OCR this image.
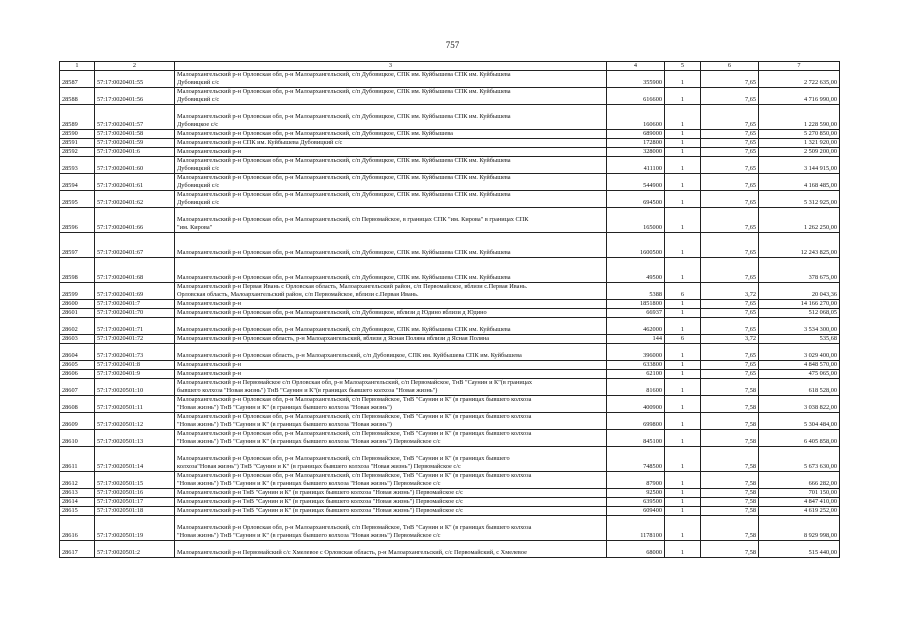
757
1	2	3	4	5	6	7
28587	57:17:0020401:55	Малоархангельский р-н Орловская обл, р-н Малоархангельский, с/п Дубовицкое, СПК им. Куйбышева СПК им. Куйбышева
Дубовицкий с/с	355900	1	7,65	2 722 635,00
28588	57:17:0020401:56	Малоархангельский р-н Орловская обл, р-н Малоархангельский, с/п Дубовицкое, СПК им. Куйбышева СПК им. Куйбышева
Дубовицкий с/с	616600	1	7,65	4 716 990,00
28589	57:17:0020401:57	Малоархангельский р-н Орловская обл, р-н Малоархангельский, с/п Дубовицкое, СПК им. Куйбышева СПК им. Куйбышева
Дубовицкое с/с	160600	1	7,65	1 228 590,00
28590	57:17:0020401:58	Малоархангельский р-н Орловская обл, р-н Малоархангельский, с/п Дубовицкое, СПК им. Куйбышева	689000	1	7,65	5 270 850,00
28591	57:17:0020401:59	Малоархангельский р-н СПК им. Куйбышева Дубовицкий с/с	172800	1	7,65	1 321 920,00
28592	57:17:0020401:6	Малоархангельский р-н	328000	1	7,65	2 509 200,00
28593	57:17:0020401:60	Малоархангельский р-н Орловская обл, р-н Малоархангельский, с/п Дубовицкое, СПК им. Куйбышева СПК им. Куйбышева
Дубовицкий с/с	411100	1	7,65	3 144 915,00
28594	57:17:0020401:61	Малоархангельский р-н Орловская обл, р-н Малоархангельский, с/п Дубовицкое, СПК им. Куйбышева СПК им. Куйбышева
Дубовицкий с/с	544900	1	7,65	4 168 485,00
28595	57:17:0020401:62	Малоархангельский р-н Орловская обл, р-н Малоархангельский, с/п Дубовицкое, СПК им. Куйбышева СПК им. Куйбышева
Дубовицкий с/с	694500	1	7,65	5 312 925,00
28596	57:17:0020401:66	Малоархангельский р-н Орловская обл, р-н Малоархангельский, с/п Первомайское, в границах СПК "им. Кирова" в границах СПК
"им. Кирова"	165000	1	7,65	1 262 250,00
28597	57:17:0020401:67	Малоархангельский р-н Орловская обл, р-н Малоархангельский, с/п Дубовицкое, СПК им. Куйбышева СПК им. Куйбышева	1600500	1	7,65	12 243 825,00
28598	57:17:0020401:68	Малоархангельский р-н Орловская обл, р-н Малоархангельский, с/п Дубовицкое, СПК им. Куйбышева СПК им. Куйбышева	49500	1	7,65	378 675,00
28599	57:17:0020401:69	Малоархангельский р-н Первая Ивань с Орловская область, Малоархангельский район, с/п Первомайское, вблизи с.Первая Ивань.
Орловская область, Малоархангельский район, с/п Первомайское, вблизи с.Первая Ивань.	5388	6	3,72	20 043,36
28600	57:17:0020401:7	Малоархангельский р-н	1851800	1	7,65	14 166 270,00
28601	57:17:0020401:70	Малоархангельский р-н Орловская обл, р-н Малоархангельский, с/п Дубовицкое, вблизи д Юдино вблизи д Юдино	66937	1	7,65	512 068,05
28602	57:17:0020401:71	Малоархангельский р-н Орловская обл, р-н Малоархангельский, с/п Дубовицкое, СПК им. Куйбышева СПК им. Куйбышева	462000	1	7,65	3 534 300,00
28603	57:17:0020401:72	Малоархангельский р-н Орловская область, р-н Малоархангельский, вблизи д Ясная Поляна вблизи д Ясная Поляна	144	6	3,72	535,68
28604	57:17:0020401:73	Малоархангельский р-н Орловская область, р-н Малоархангельский, с/п Дубовицкое, СПК им. Куйбышева СПК им. Куйбышева	396000	1	7,65	3 029 400,00
28605	57:17:0020401:8	Малоархангельский р-н	633800	1	7,65	4 848 570,00
28606	57:17:0020401:9	Малоархангельский р-н	62100	1	7,65	475 065,00
28607	57:17:0020501:10	Малоархангельский р-н Первомайское с/п Орловская обл, р-н Малоархангельский, с/п Первомайское, ТнВ "Саунин и К"(в границах
бывшего колхоза "Новая жизнь") ТнВ "Саунин и К"(в границах бывшего колхоза "Новая жизнь")	81600	1	7,58	618 528,00
28608	57:17:0020501:11	Малоархангельский р-н Орловская обл, р-н Малоархангельский, с/п Первомайское, ТнВ "Саунин и К" (в границах бывшего колхоза
"Новая жизнь") ТнВ "Саунин и К" (в границах бывшего колхоза "Новая жизнь")	400900	1	7,58	3 038 822,00
28609	57:17:0020501:12	Малоархангельский р-н Орловская обл, р-н Малоархангельский, с/п Первомайское, ТнВ "Саунин и К" (в границах бывшего колхоза
"Новая жизнь") ТнВ "Саунин и К" (в границах бывшего колхоза "Новая жизнь")	699800	1	7,58	5 304 484,00
28610	57:17:0020501:13	Малоархангельский р-н Орловская обл, р-н Малоархангельский, с/п Первомайское, ТнВ "Саунин и К" (в границах бывшего колхоза
"Новая жизнь") ТнВ "Саунин и К" (в границах бывшего колхоза "Новая жизнь") Первомайское с/с	845100	1	7,58	6 405 858,00
28611	57:17:0020501:14	Малоархангельский р-н Орловская обл, р-н Малоархангельский, с/п Первомайское, ТнВ "Саунин и К" (в границах бывшего
колхоза"Новая жизнь") ТнВ "Саунин и К" (в границах бывшего колхоза "Новая жизнь") Первомайское с/с	748500	1	7,58	5 673 630,00
28612	57:17:0020501:15	Малоархангельский р-н Орловская обл, р-н Малоархангельский, с/п Первомайское, ТнВ "Саунин и К" (в границах бывшего колхоза
"Новая жизнь") ТнВ "Саунин и К" (в границах бывшего колхоза "Новая жизнь") Первомайское с/с	87900	1	7,58	666 282,00
28613	57:17:0020501:16	Малоархангельский р-н ТнВ "Саунин и К" (в границах бывшего колхоза "Новая жизнь") Первомайское с/с	92500	1	7,58	701 150,00
28614	57:17:0020501:17	Малоархангельский р-н ТнВ "Саунин и К" (в границах бывшего колхоза "Новая жизнь") Первомайское с/с	639500	1	7,58	4 847 410,00
28615	57:17:0020501:18	Малоархангельский р-н ТнВ "Саунин и К" (в границах бывшего колхоза "Новая жизнь") Первомайское с/с	609400	1	7,58	4 619 252,00
28616	57:17:0020501:19	Малоархангельский р-н Орловская обл, р-н Малоархангельский, с/п Первомайское, ТнВ "Саунин и К" (в границах бывшего колхоза
"Новая жизнь") ТнВ "Саунин и К" (в границах бывшего колхоза "Новая жизнь") Первомайское с/с	1178100	1	7,58	8 929 998,00
28617	57:17:0020501:2	Малоархангельский р-н Первомайский с/с Хмелевое с Орловская область, р-н Малоархангельский, с/с Первомайский, с Хмелевое	68000	1	7,58	515 440,00
